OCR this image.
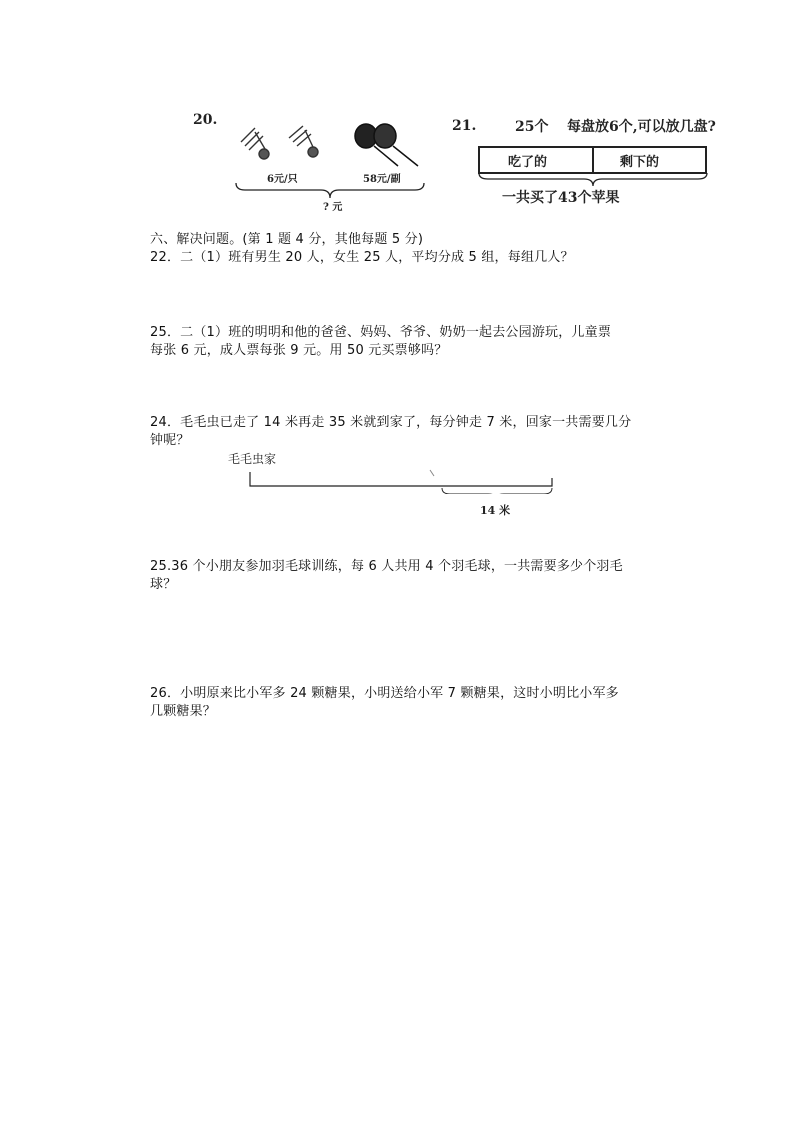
20.
6元/只	58元/副
? 元
21.	25个 每盘放6个,可以放几盘?
吃了的	剩下的
一共买了43个苹果
六、解决问题。(第 1 题 4 分，其他每题 5 分)
22．二（1）班有男生 20 人，女生 25 人，平均分成 5 组，每组几人？
25．二（1）班的明明和他的爸爸、妈妈、爷爷、奶奶一起去公园游玩，儿童票
每张 6 元，成人票每张 9 元。用 50 元买票够吗？
24．毛毛虫已走了 14 米再走 35 米就到家了，每分钟走 7 米，回家一共需要几分
钟呢？
毛毛虫家
14 米
25.36 个小朋友参加羽毛球训练，每 6 人共用 4 个羽毛球，一共需要多少个羽毛
球？
26．小明原来比小军多 24 颗糖果，小明送给小军 7 颗糖果，这时小明比小军多
几颗糖果？
